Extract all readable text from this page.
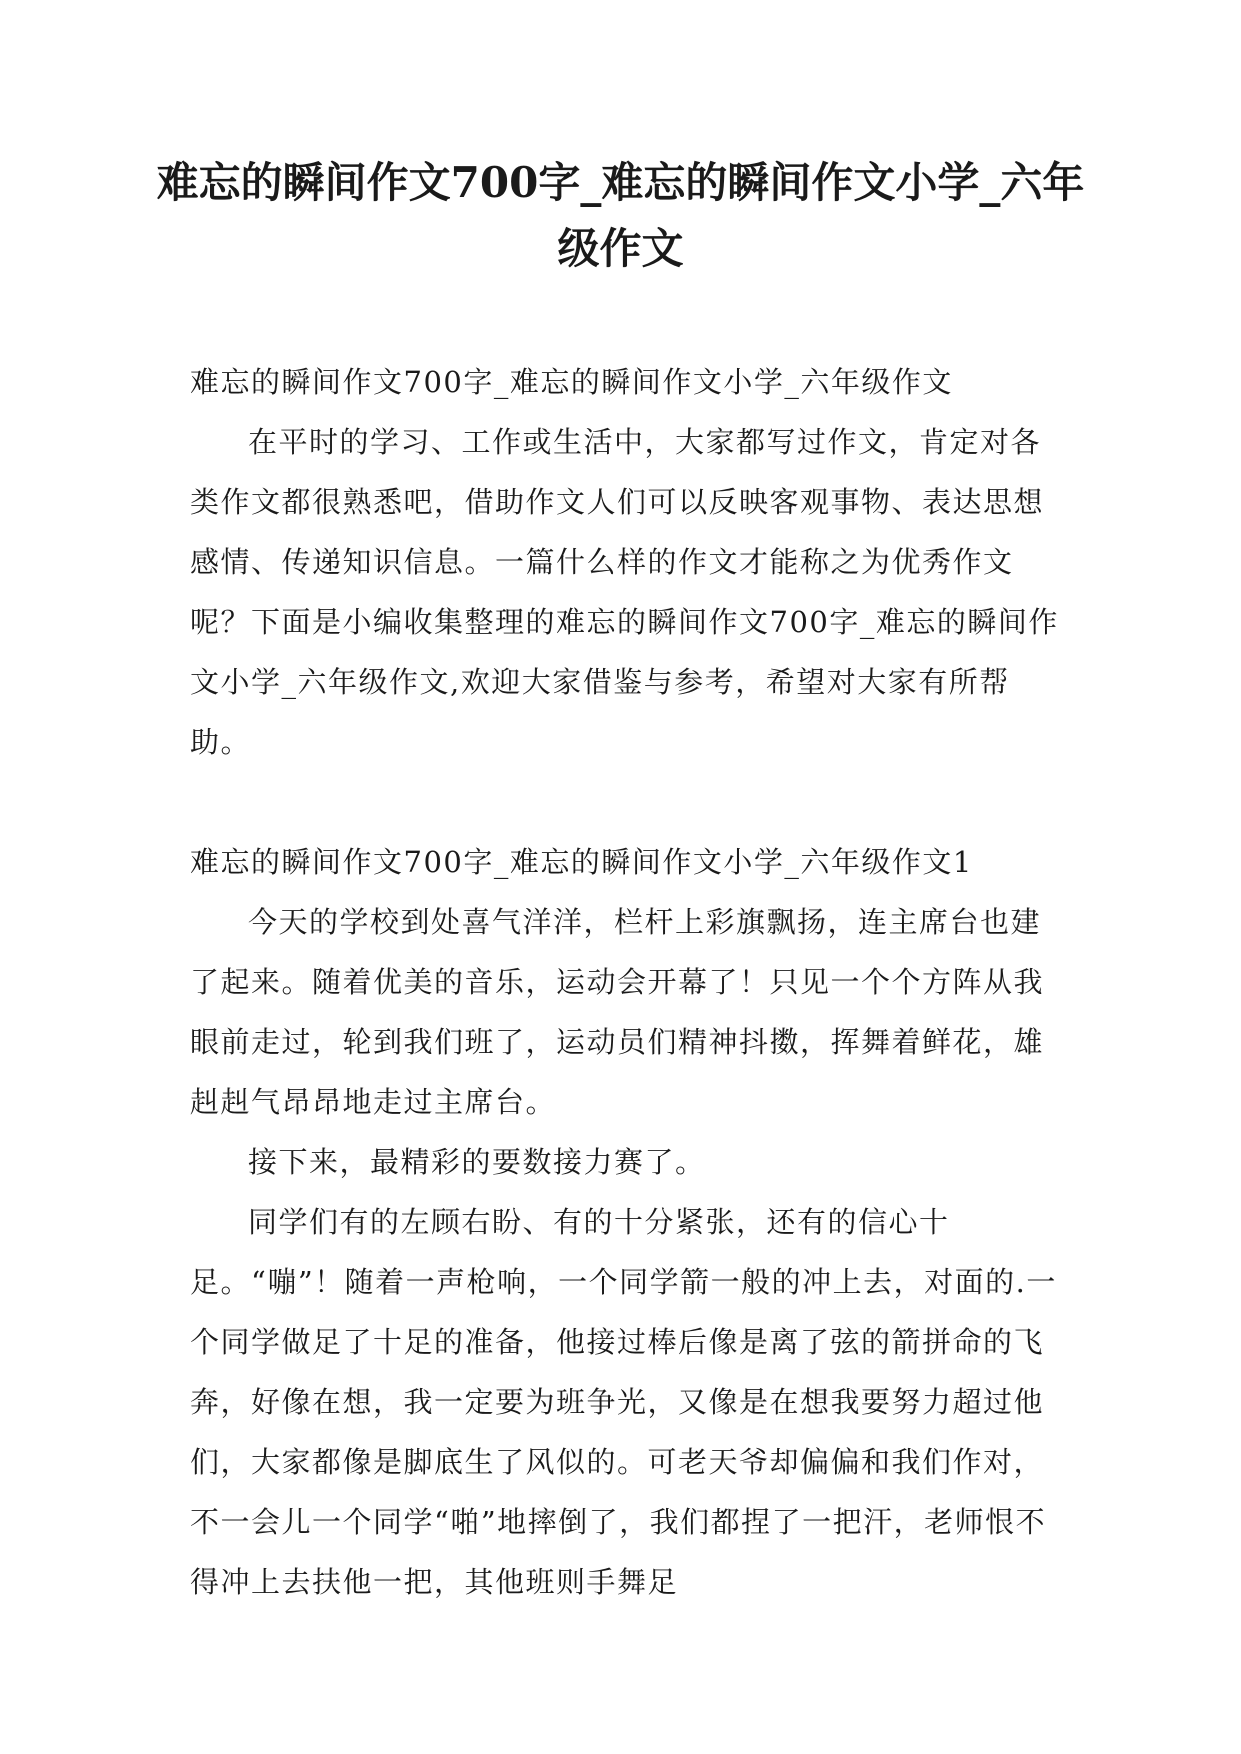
难忘的瞬间作文700字_难忘的瞬间作文小学_六年级作文

难忘的瞬间作文700字_难忘的瞬间作文小学_六年级作文

在平时的学习、工作或生活中，大家都写过作文，肯定对各类作文都很熟悉吧，借助作文人们可以反映客观事物、表达思想感情、传递知识信息。一篇什么样的作文才能称之为优秀作文呢？下面是小编收集整理的难忘的瞬间作文700字_难忘的瞬间作文小学_六年级作文,欢迎大家借鉴与参考，希望对大家有所帮助。

难忘的瞬间作文700字_难忘的瞬间作文小学_六年级作文1

今天的学校到处喜气洋洋，栏杆上彩旗飘扬，连主席台也建了起来。随着优美的音乐，运动会开幕了！只见一个个方阵从我眼前走过，轮到我们班了，运动员们精神抖擞，挥舞着鲜花，雄赳赳气昂昂地走过主席台。

接下来，最精彩的要数接力赛了。

同学们有的左顾右盼、有的十分紧张，还有的信心十足。“嘣”！随着一声枪响，一个同学箭一般的冲上去，对面的.一个同学做足了十足的准备，他接过棒后像是离了弦的箭拼命的飞奔，好像在想，我一定要为班争光，又像是在想我要努力超过他们，大家都像是脚底生了风似的。可老天爷却偏偏和我们作对，不一会儿一个同学“啪”地摔倒了，我们都捏了一把汗，老师恨不得冲上去扶他一把，其他班则手舞足
